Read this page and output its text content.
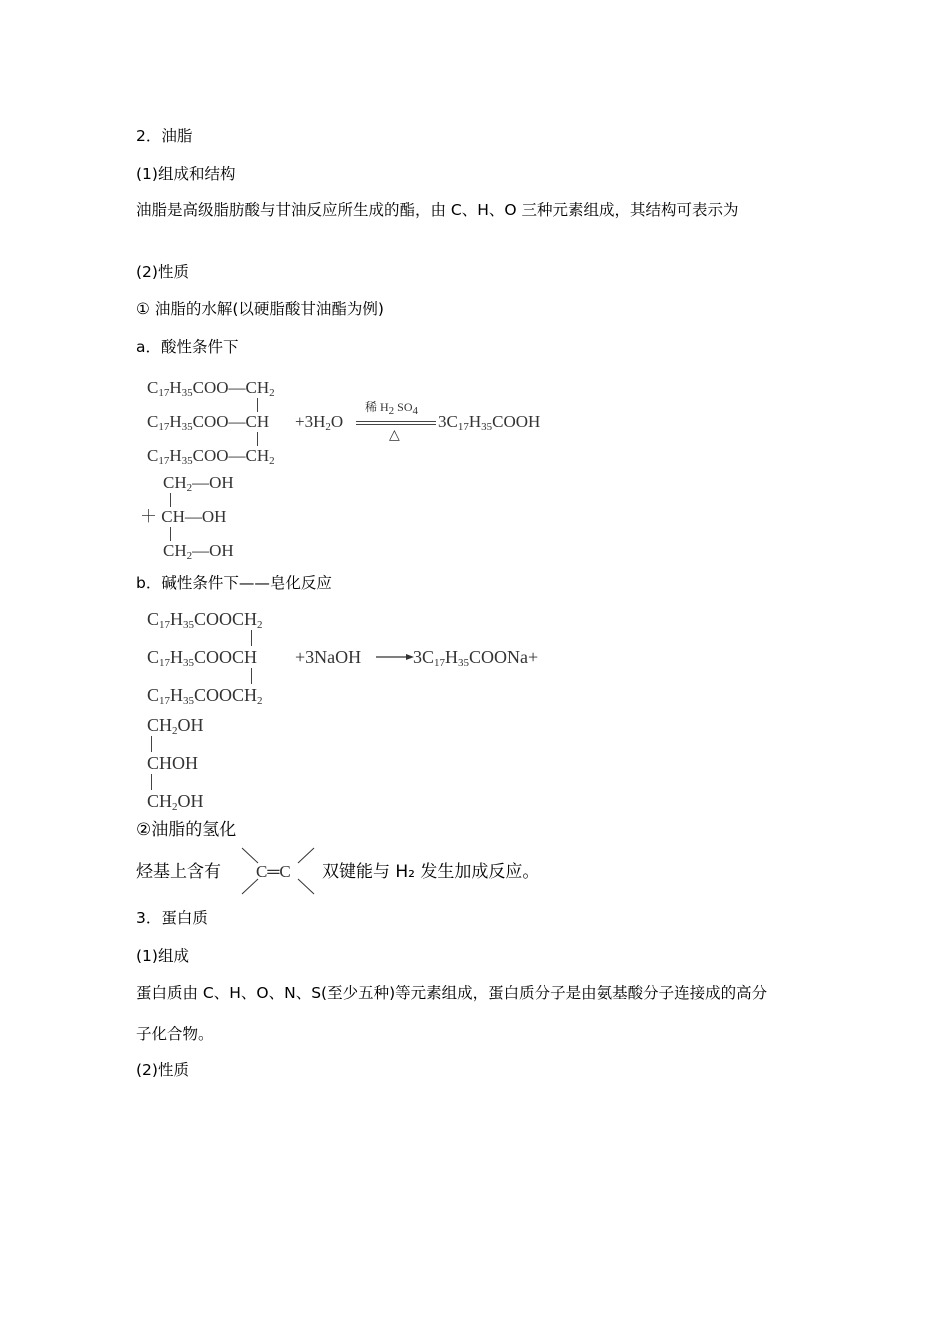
2．油脂
(1)组成和结构
油脂是高级脂肪酸与甘油反应所生成的酯，由 C、H、O 三种元素组成，其结构可表示为
(2)性质
① 油脂的水解(以硬脂酸甘油酯为例)
a．酸性条件下
$C_{17}H_{35}COO—CH_2$
$C_{17}H_{35}COO—CH +3H_2O$
稀 $H_2$ $SO_4$
△
$3C_{17}H_{35}COOH$
$C_{17}H_{35}COO—CH_2$
$CH_2—OH$
＋ CH—OH
$CH_2—OH$
b．碱性条件下——皂化反应
$C_{17}H_{35}COOCH_2$
$C_{17}H_{35}COOCH$ +3NaOH	$3C_{17}H_{35}COONa+$
$C_{17}H_{35}COOCH_2$
$CH_2OH$
CHOH
$CH_2OH$
②油脂的氢化
烃基上含有 C═C 双键能与 H₂ 发生加成反应。
3．蛋白质
(1)组成
蛋白质由 C、H、O、N、S(至少五种)等元素组成，蛋白质分子是由氨基酸分子连接成的高分
子化合物。
(2)性质
